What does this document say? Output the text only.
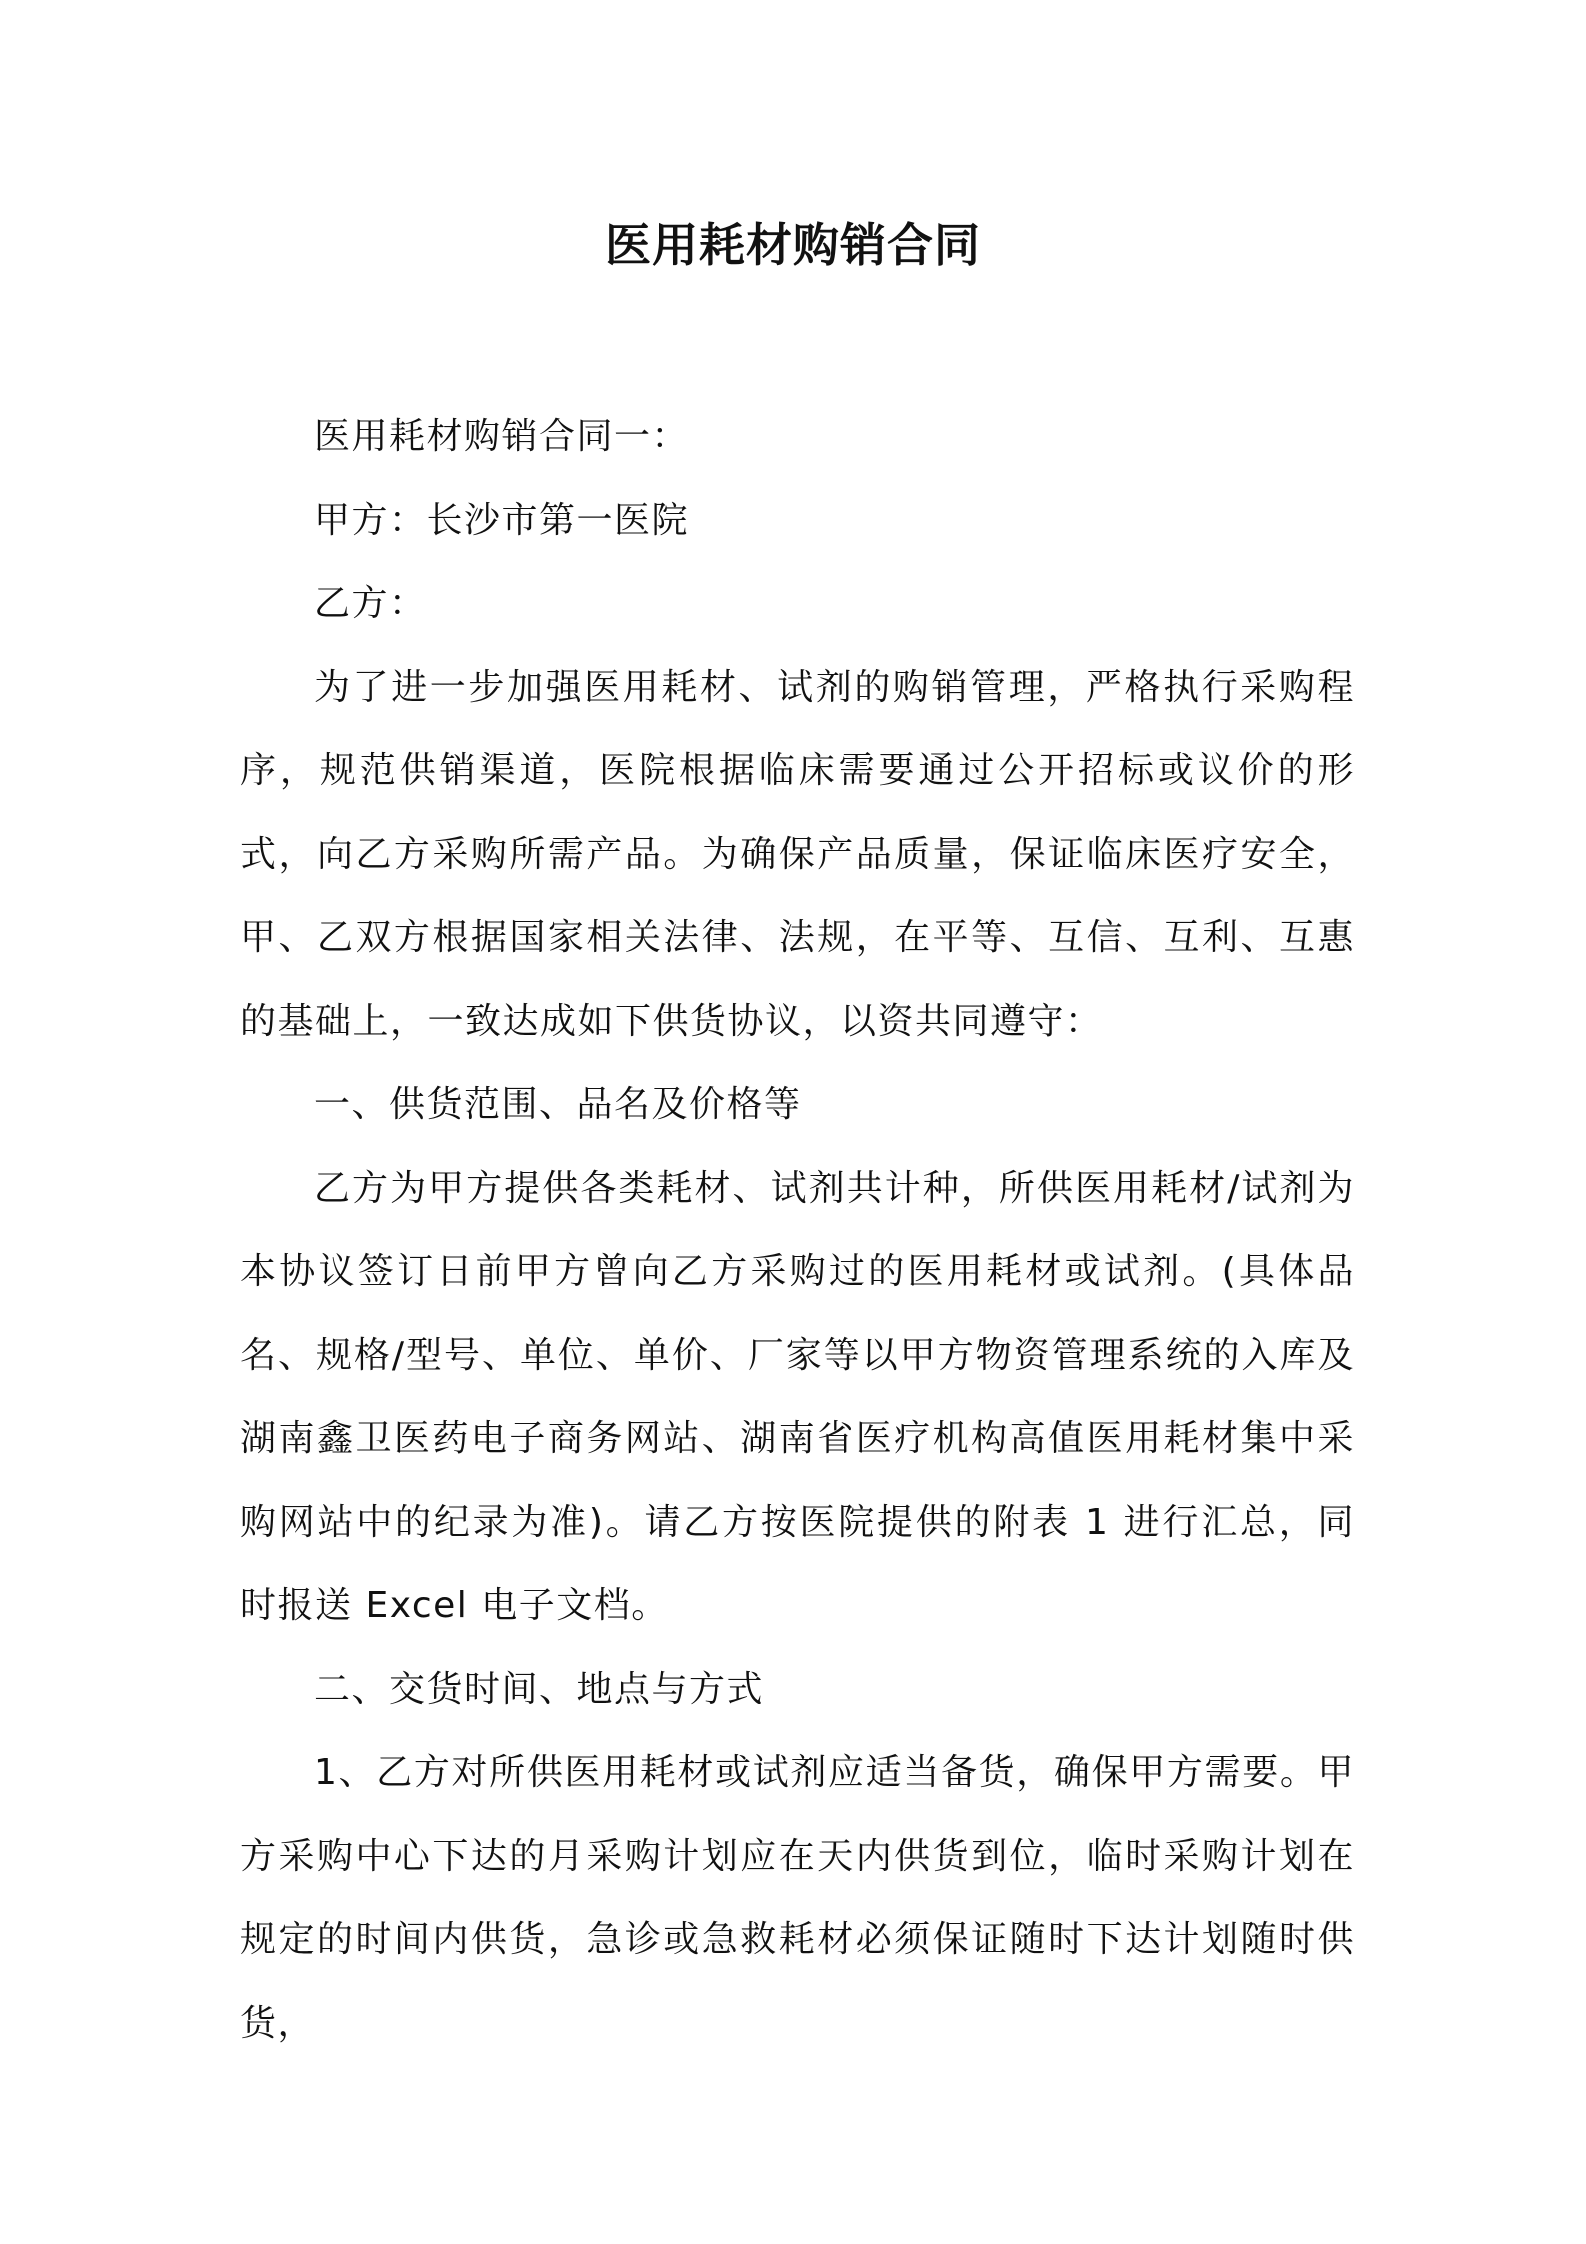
医用耗材购销合同

医用耗材购销合同一：

甲方：长沙市第一医院

乙方：

为了进一步加强医用耗材、试剂的购销管理，严格执行采购程序，规范供销渠道，医院根据临床需要通过公开招标或议价的形式，向乙方采购所需产品。为确保产品质量，保证临床医疗安全，甲、乙双方根据国家相关法律、法规，在平等、互信、互利、互惠的基础上，一致达成如下供货协议，以资共同遵守：

一、供货范围、品名及价格等

乙方为甲方提供各类耗材、试剂共计种，所供医用耗材/试剂为本协议签订日前甲方曾向乙方采购过的医用耗材或试剂。(具体品名、规格/型号、单位、单价、厂家等以甲方物资管理系统的入库及湖南鑫卫医药电子商务网站、湖南省医疗机构高值医用耗材集中采购网站中的纪录为准)。请乙方按医院提供的附表 1 进行汇总，同时报送 Excel 电子文档。

二、交货时间、地点与方式

1、乙方对所供医用耗材或试剂应适当备货，确保甲方需要。甲方采购中心下达的月采购计划应在天内供货到位，临时采购计划在规定的时间内供货，急诊或急救耗材必须保证随时下达计划随时供货，
